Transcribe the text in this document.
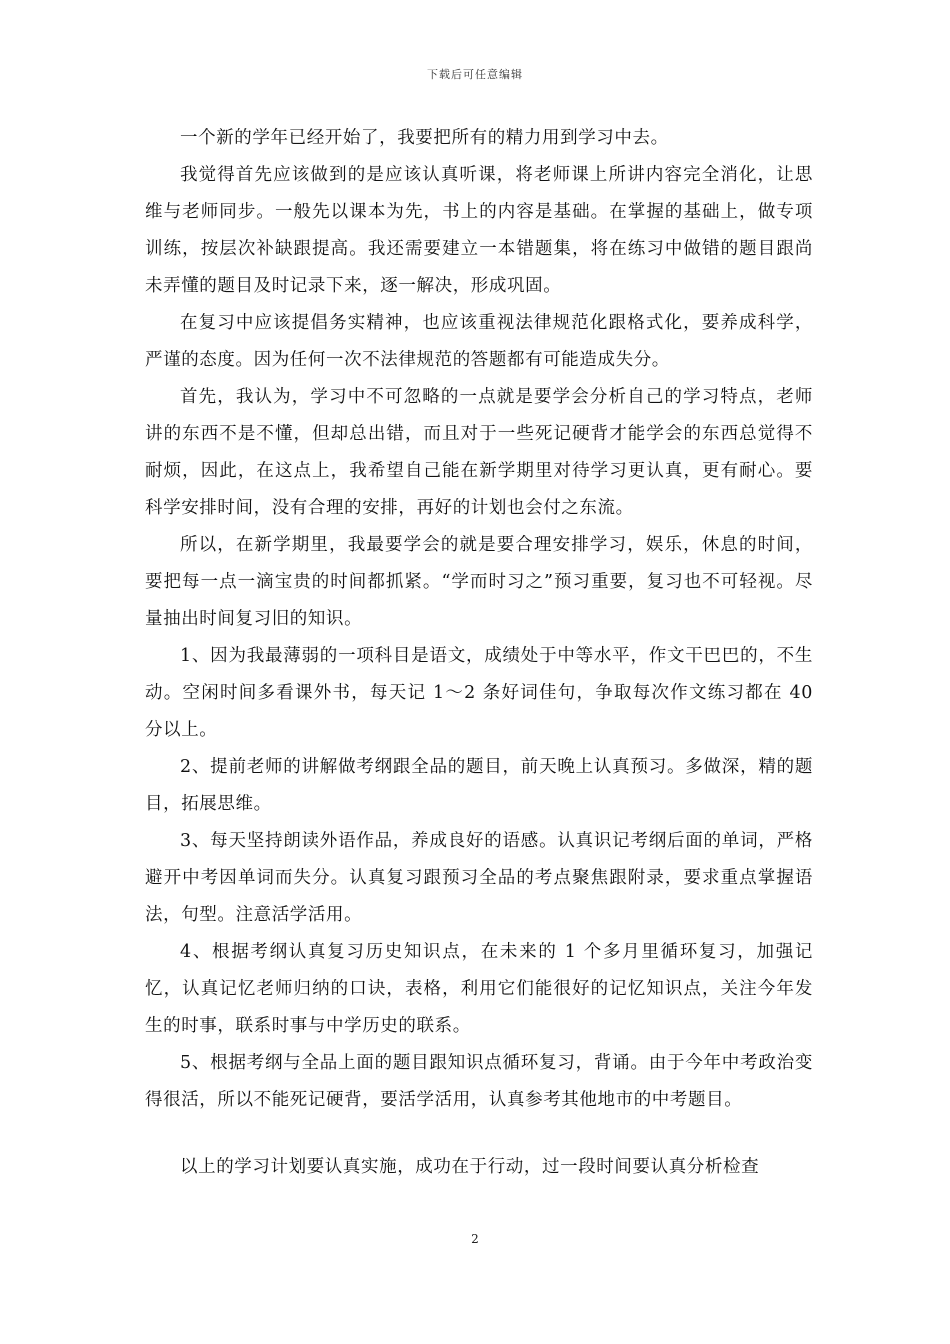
下载后可任意编辑

一个新的学年已经开始了，我要把所有的精力用到学习中去。

我觉得首先应该做到的是应该认真听课，将老师课上所讲内容完全消化，让思维与老师同步。一般先以课本为先，书上的内容是基础。在掌握的基础上，做专项训练，按层次补缺跟提高。我还需要建立一本错题集，将在练习中做错的题目跟尚未弄懂的题目及时记录下来，逐一解决，形成巩固。

在复习中应该提倡务实精神，也应该重视法律规范化跟格式化，要养成科学，严谨的态度。因为任何一次不法律规范的答题都有可能造成失分。

首先，我认为，学习中不可忽略的一点就是要学会分析自己的学习特点，老师讲的东西不是不懂，但却总出错，而且对于一些死记硬背才能学会的东西总觉得不耐烦，因此，在这点上，我希望自己能在新学期里对待学习更认真，更有耐心。要科学安排时间，没有合理的安排，再好的计划也会付之东流。

所以，在新学期里，我最要学会的就是要合理安排学习，娱乐，休息的时间，要把每一点一滴宝贵的时间都抓紧。“学而时习之”预习重要，复习也不可轻视。尽量抽出时间复习旧的知识。

1、因为我最薄弱的一项科目是语文，成绩处于中等水平，作文干巴巴的，不生动。空闲时间多看课外书，每天记 1～2 条好词佳句，争取每次作文练习都在 40 分以上。

2、提前老师的讲解做考纲跟全品的题目，前天晚上认真预习。多做深，精的题目，拓展思维。

3、每天坚持朗读外语作品，养成良好的语感。认真识记考纲后面的单词，严格避开中考因单词而失分。认真复习跟预习全品的考点聚焦跟附录，要求重点掌握语法，句型。注意活学活用。

4、根据考纲认真复习历史知识点，在未来的 1 个多月里循环复习，加强记忆，认真记忆老师归纳的口诀，表格，利用它们能很好的记忆知识点，关注今年发生的时事，联系时事与中学历史的联系。

5、根据考纲与全品上面的题目跟知识点循环复习，背诵。由于今年中考政治变得很活，所以不能死记硬背，要活学活用，认真参考其他地市的中考题目。

以上的学习计划要认真实施，成功在于行动，过一段时间要认真分析检查

2
